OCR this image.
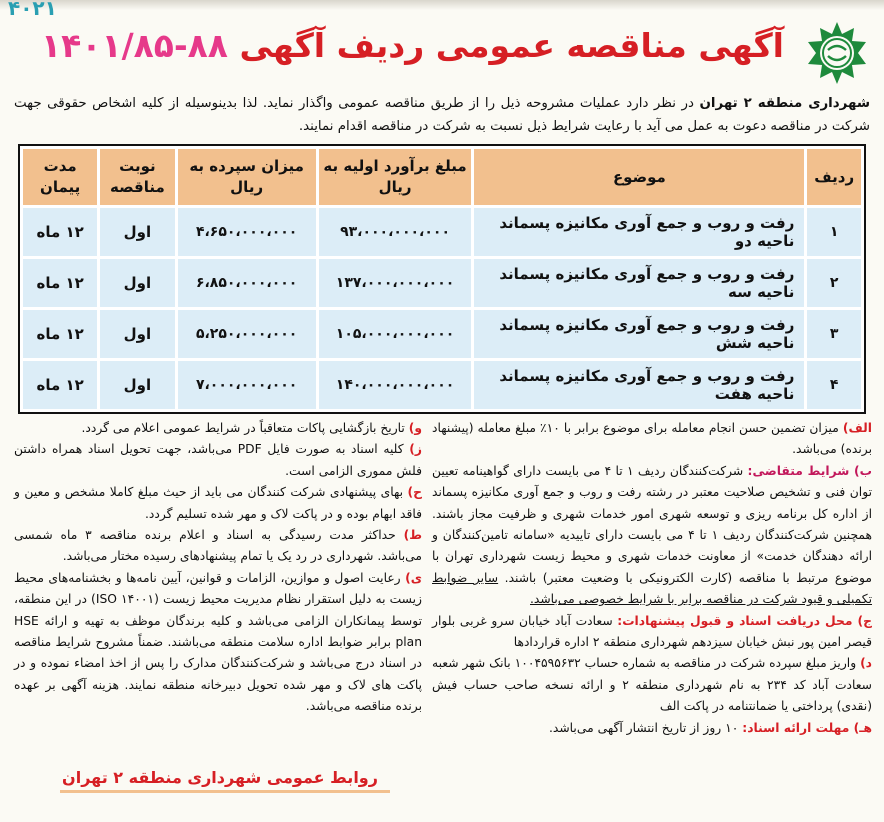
۴۰۲۱
آگهی مناقصه عمومی ردیف آگهی ۸۸-۱۴۰۱/۸۵
شهرداری منطقه ۲ تهران در نظر دارد عملیات مشروحه ذیل را از طریق مناقصه عمومی واگذار نماید. لذا بدینوسیله از کلیه اشخاص حقوقی جهت شرکت در مناقصه دعوت به عمل می آید با رعایت شرایط ذیل نسبت به شرکت در مناقصه اقدام نمایند.
ردیف	موضوع	مبلغ برآورد اولیه به ریال	میزان سپرده به ریال	نوبت مناقصه	مدت پیمان
۱	رفت و روب و جمع آوری مکانیزه پسماند ناحیه دو	۹۳،۰۰۰،۰۰۰،۰۰۰	۴،۶۵۰،۰۰۰،۰۰۰	اول	۱۲ ماه
۲	رفت و روب و جمع آوری مکانیزه پسماند ناحیه سه	۱۳۷،۰۰۰،۰۰۰،۰۰۰	۶،۸۵۰،۰۰۰،۰۰۰	اول	۱۲ ماه
۳	رفت و روب و جمع آوری مکانیزه پسماند ناحیه شش	۱۰۵،۰۰۰،۰۰۰،۰۰۰	۵،۲۵۰،۰۰۰،۰۰۰	اول	۱۲ ماه
۴	رفت و روب و جمع آوری مکانیزه پسماند ناحیه هفت	۱۴۰،۰۰۰،۰۰۰،۰۰۰	۷،۰۰۰،۰۰۰،۰۰۰	اول	۱۲ ماه

الف) میزان تضمین حسن انجام معامله برای موضوع برابر با ۱۰٪ مبلغ معامله (پیشنهاد برنده) می‌باشد.

ب) شرایط متقاضی: شرکت‌کنندگان ردیف ۱ تا ۴ می بایست دارای گواهینامه تعیین توان فنی و تشخیص صلاحیت معتبر در رشته رفت و روب و جمع آوری مکانیزه پسماند از اداره کل برنامه ریزی و توسعه شهری امور خدمات شهری و ظرفیت مجاز باشند. همچنین شرکت‌کنندگان ردیف ۱ تا ۴ می بایست دارای تاییدیه «سامانه تامین‌کنندگان و ارائه دهندگان خدمت» از معاونت خدمات شهری و محیط زیست شهرداری تهران با موضوع مرتبط با مناقصه (کارت الکترونیکی با وضعیت معتبر) باشند. سایر ضوابط تکمیلی و قیود شرکت در مناقصه برابر با شرایط خصوصی می‌باشد.

ج) محل دریافت اسناد و قبول پیشنهادات: سعادت آباد خیابان سرو غربی بلوار قیصر امین پور نبش خیابان سیزدهم شهرداری منطقه ۲ اداره قراردادها

د) واریز مبلغ سپرده شرکت در مناقصه به شماره حساب ۱۰۰۴۵۹۵۶۳۲ بانک شهر شعبه سعادت آباد کد ۲۳۴ به نام شهرداری منطقه ۲ و ارائه نسخه صاحب حساب فیش (نقدی) پرداختی یا ضمانتنامه در پاکت الف

هـ) مهلت ارائه اسناد: ۱۰ روز از تاریخ انتشار آگهی می‌باشد.

و) تاریخ بازگشایی پاکات متعاقباً در شرایط عمومی اعلام می گردد.

ز) کلیه اسناد به صورت فایل PDF می‌باشد، جهت تحویل اسناد همراه داشتن فلش مموری الزامی است.

ح) بهای پیشنهادی شرکت کنندگان می باید از حیث مبلغ کاملا مشخص و معین و فاقد ابهام بوده و در پاکت لاک و مهر شده تسلیم گردد.

ط) حداکثر مدت رسیدگی به اسناد و اعلام برنده مناقصه ۳ ماه شمسی می‌باشد. شهرداری در رد یک یا تمام پیشنهادهای رسیده مختار می‌باشد.

ی) رعایت اصول و موازین، الزامات و قوانین، آیین نامه‌ها و بخشنامه‌های محیط زیست به دلیل استقرار نظام مدیریت محیط زیست (ISO ۱۴۰۰۱) در این منطقه، توسط پیمانکاران الزامی می‌باشد و کلیه برندگان موظف به تهیه و ارائه HSE plan برابر ضوابط اداره سلامت منطقه می‌باشند. ضمناً مشروح شرایط مناقصه در اسناد درج می‌باشد و شرکت‌کنندگان مدارک را پس از اخذ امضاء نموده و در پاکت های لاک و مهر شده تحویل دبیرخانه منطقه نمایند. هزینه آگهی بر عهده برنده مناقصه می‌باشد.

روابط عمومی شهرداری منطقه ۲ تهران
